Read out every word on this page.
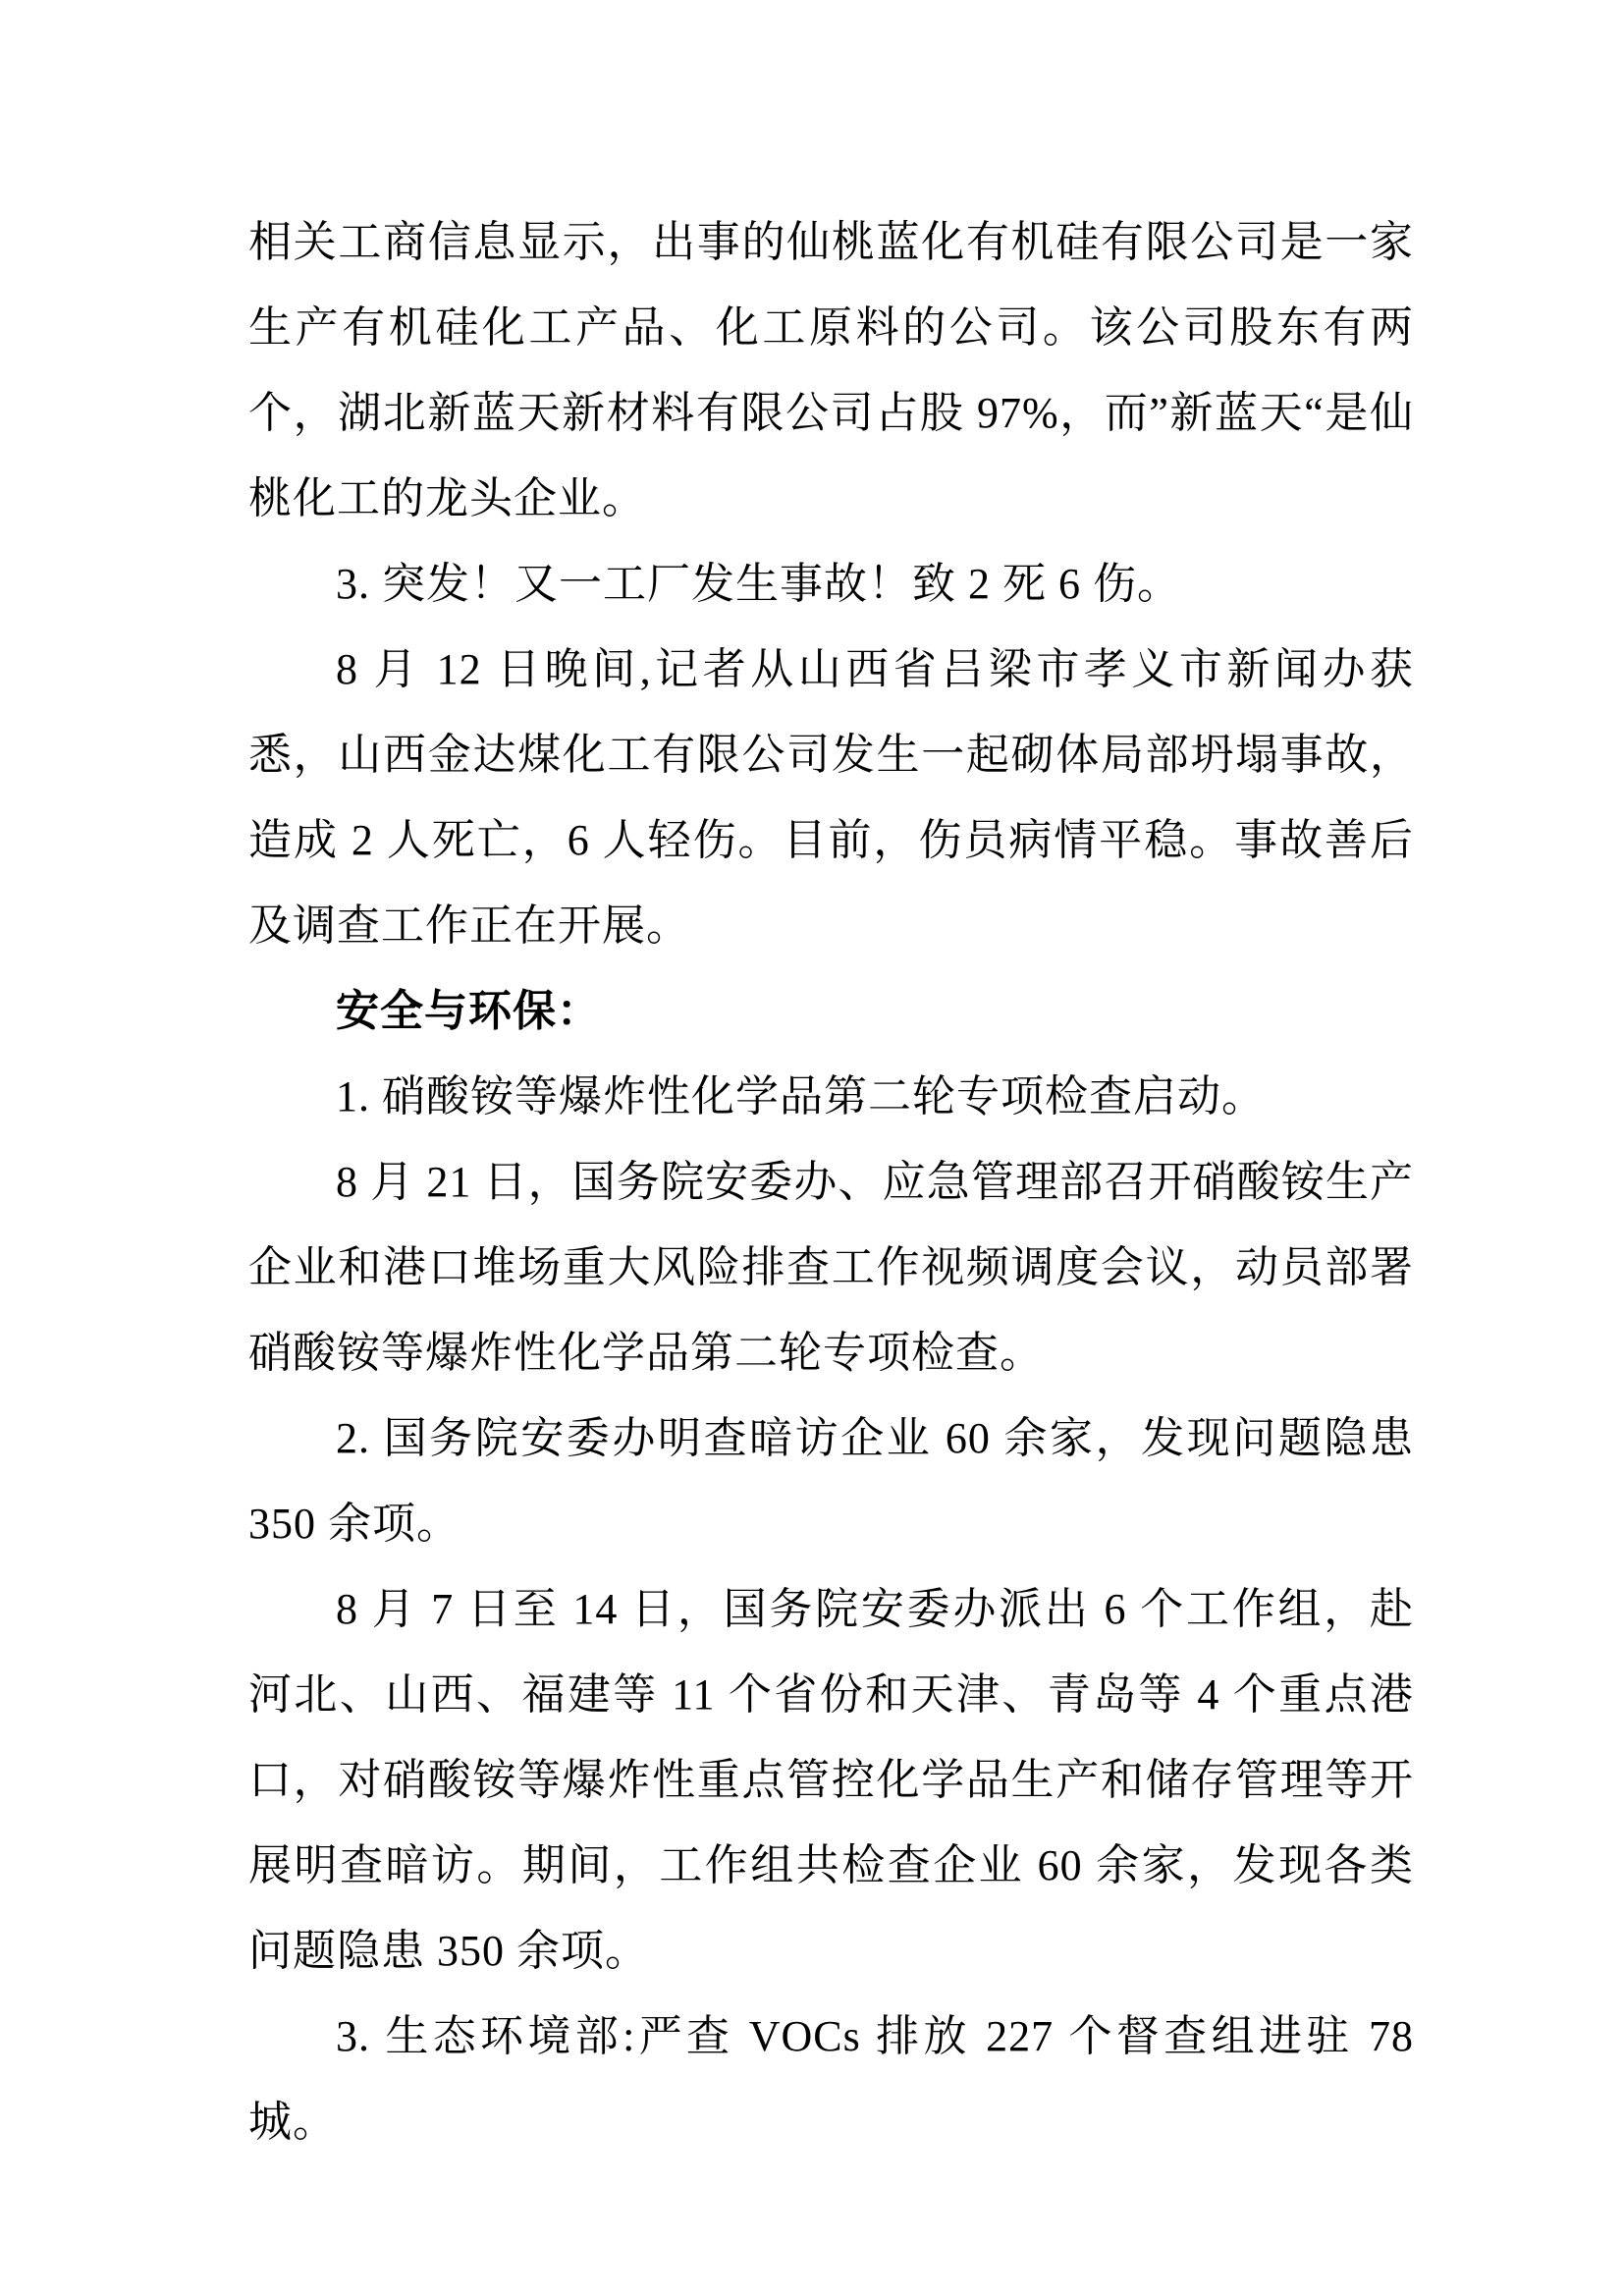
相关工商信息显示，出事的仙桃蓝化有机硅有限公司是一家生产有机硅化工产品、化工原料的公司。该公司股东有两个，湖北新蓝天新材料有限公司占股 97%，而”新蓝天“是仙桃化工的龙头企业。

3. 突发！又一工厂发生事故！致 2 死 6 伤。

8 月 12 日晚间,记者从山西省吕梁市孝义市新闻办获悉，山西金达煤化工有限公司发生一起砌体局部坍塌事故，造成 2 人死亡，6 人轻伤。目前，伤员病情平稳。事故善后及调查工作正在开展。

安全与环保：

1. 硝酸铵等爆炸性化学品第二轮专项检查启动。

8 月 21 日，国务院安委办、应急管理部召开硝酸铵生产企业和港口堆场重大风险排查工作视频调度会议，动员部署硝酸铵等爆炸性化学品第二轮专项检查。

2. 国务院安委办明查暗访企业 60 余家，发现问题隐患 350 余项。

8 月 7 日至 14 日，国务院安委办派出 6 个工作组，赴河北、山西、福建等 11 个省份和天津、青岛等 4 个重点港口，对硝酸铵等爆炸性重点管控化学品生产和储存管理等开展明查暗访。期间，工作组共检查企业 60 余家，发现各类问题隐患 350 余项。

3. 生态环境部:严查 VOCs 排放 227 个督查组进驻 78 城。
